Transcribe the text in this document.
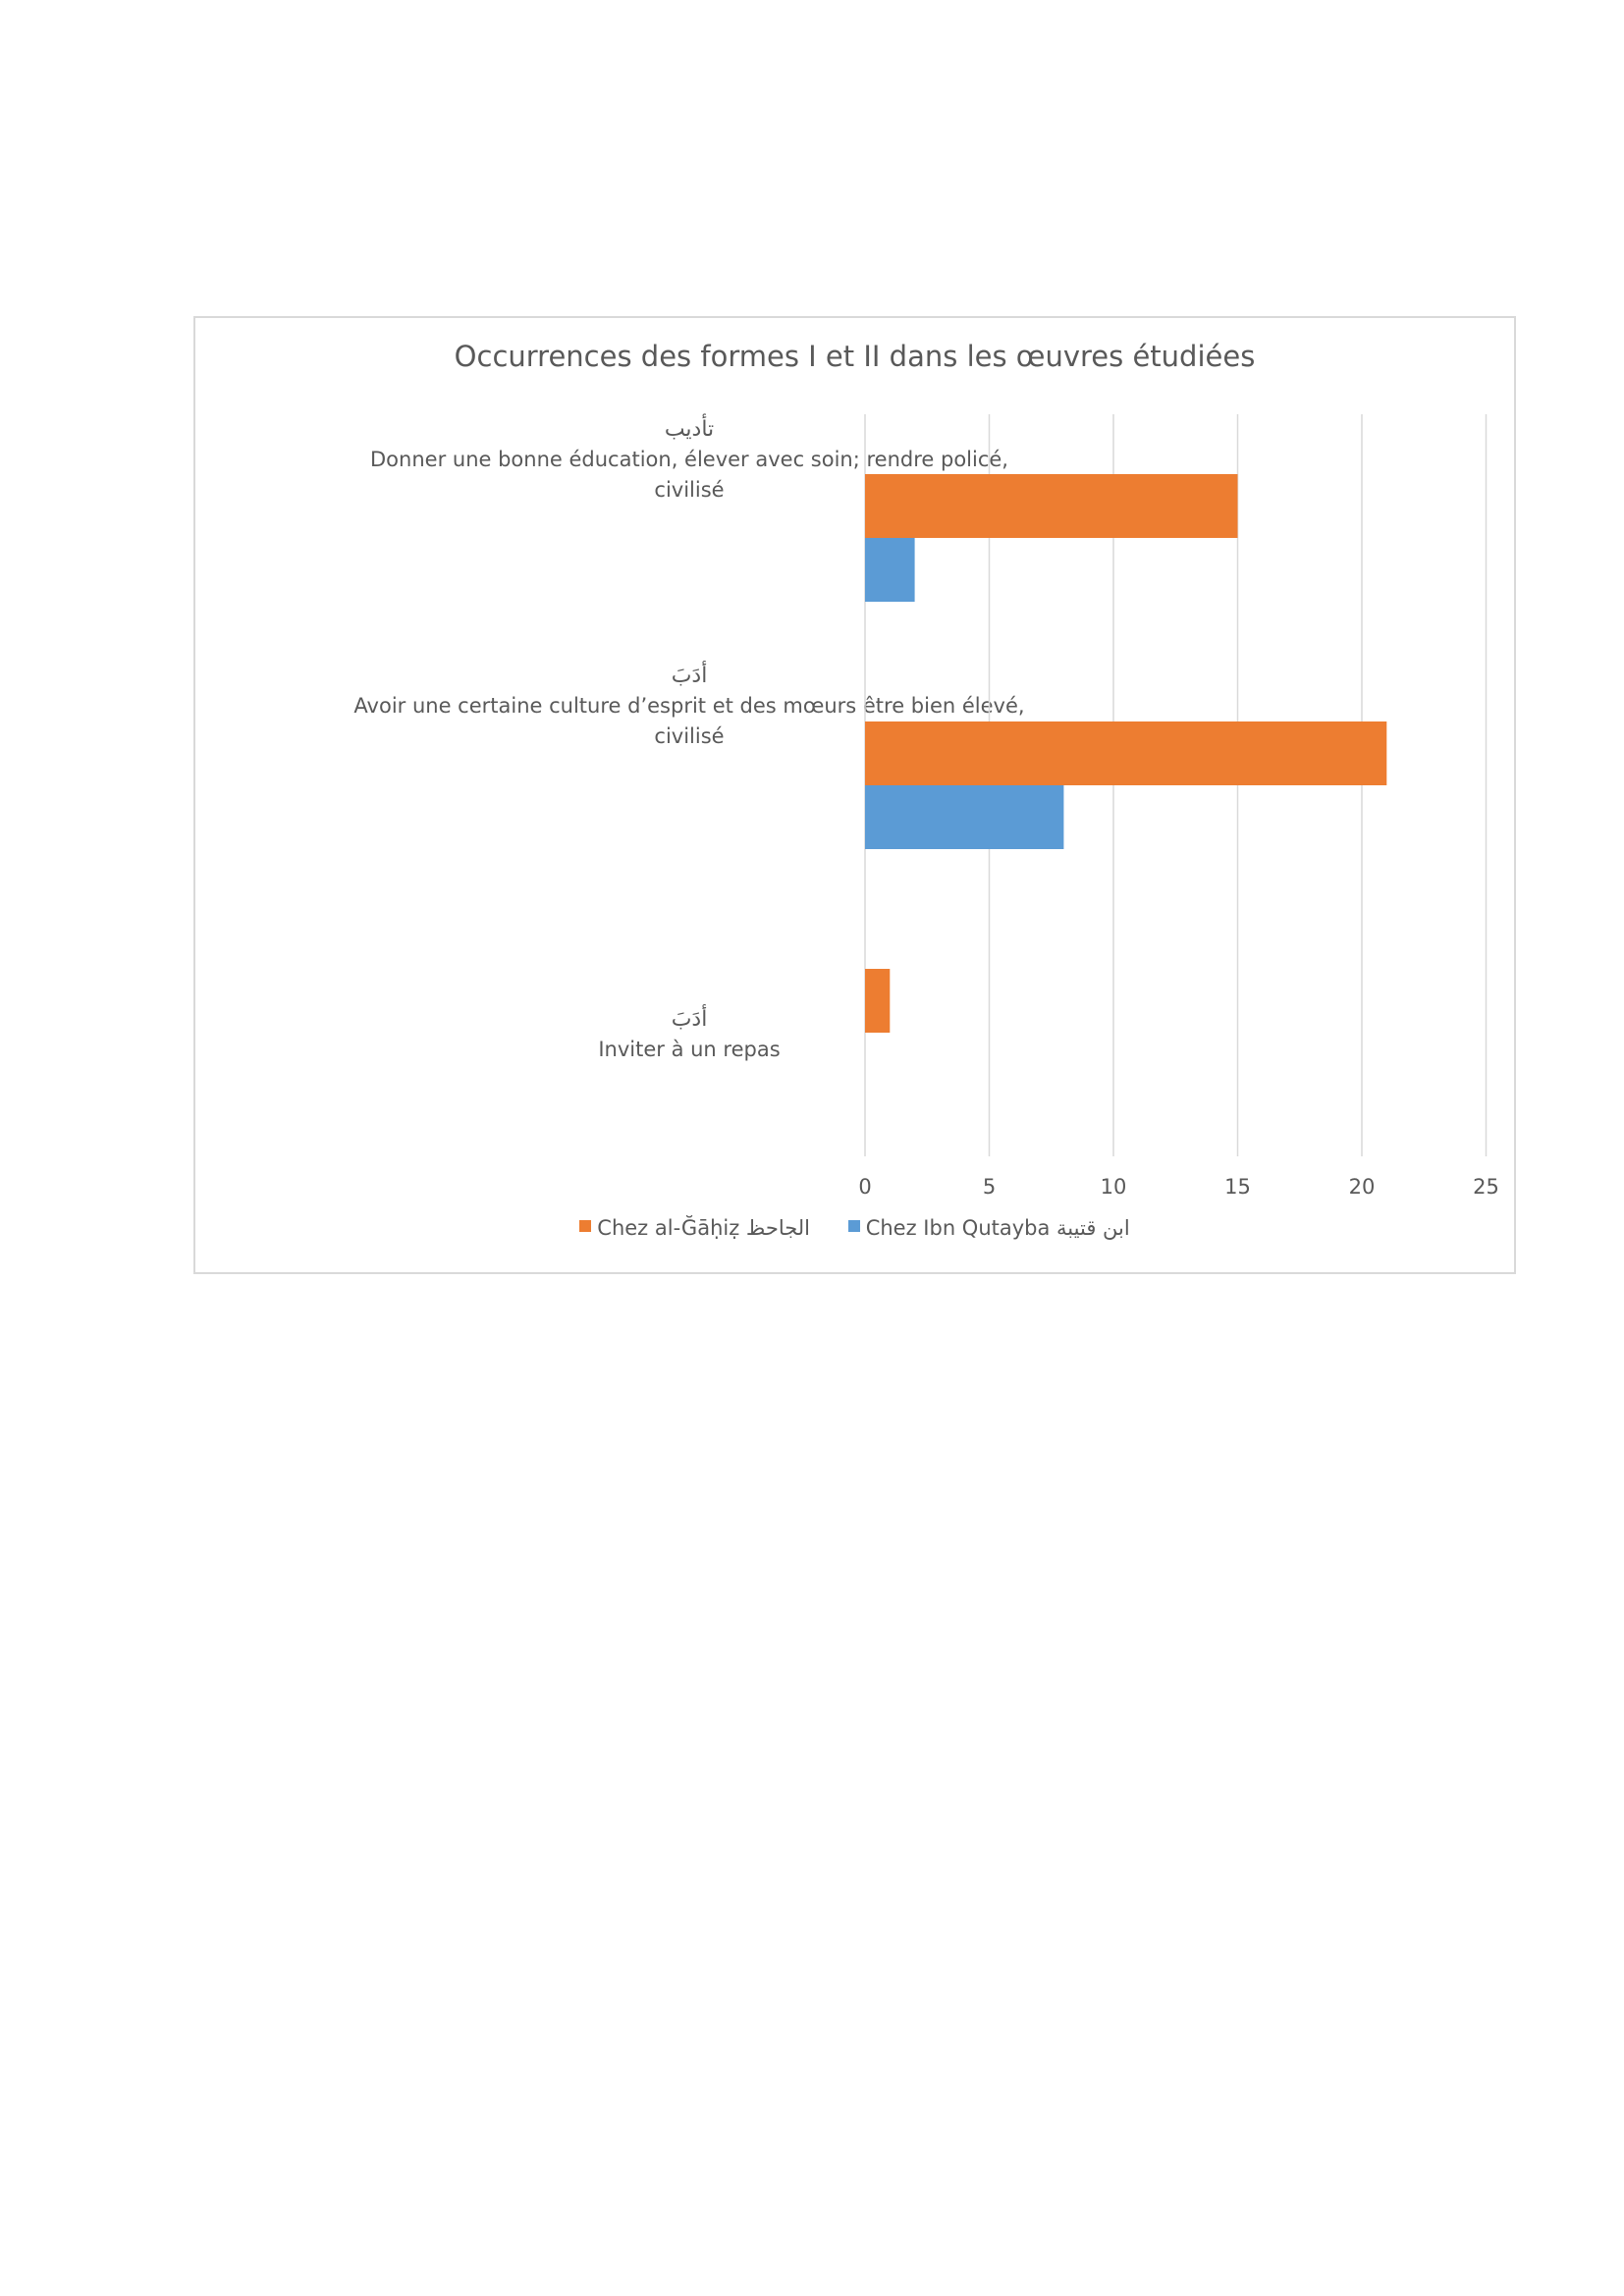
Occurrences des formes I et II dans les œuvres étudiées
تأديب
Donner une bonne éducation, élever avec soin; rendre policé, civilisé
أدَبَ
Avoir une certaine culture d’esprit et des mœurs être bien élevé, civilisé
أدَبَ
Inviter à un repas
0	5	10	15	20	25
Chez al-Ğāḥiẓ الجاحظ	Chez Ibn Qutayba ابن قتيبة
